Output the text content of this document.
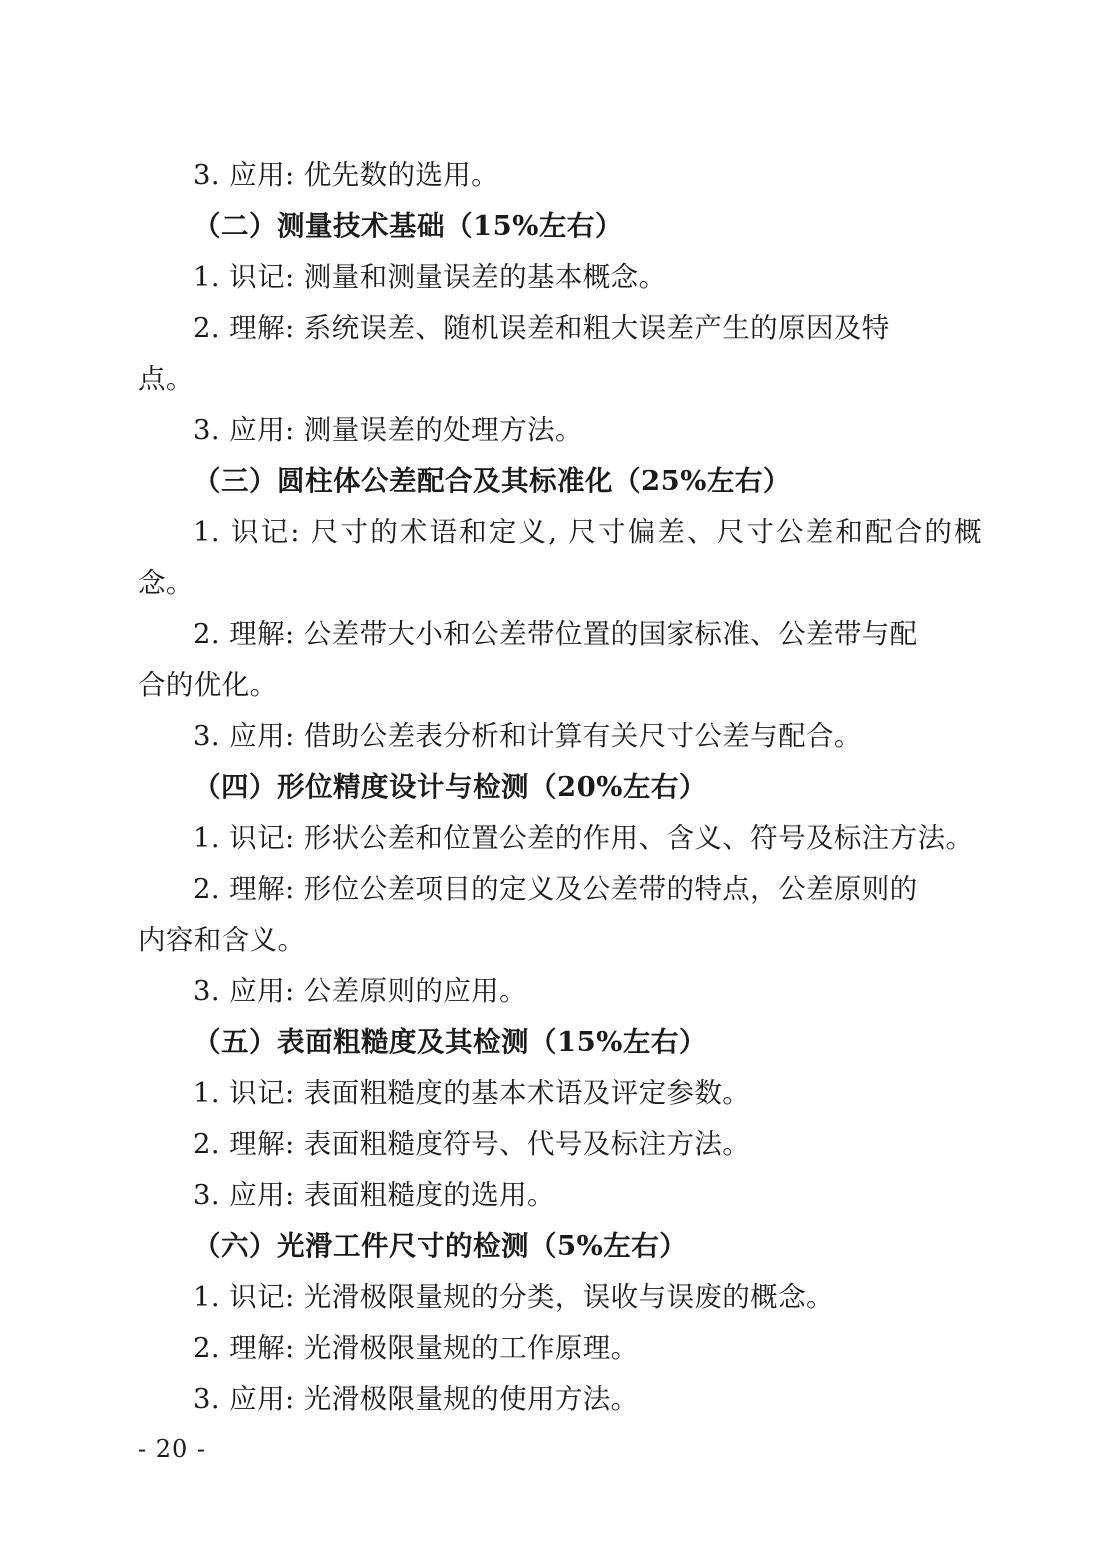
3. 应用: 优先数的选用。

（二）测量技术基础（15%左右）

1. 识记: 测量和测量误差的基本概念。

2. 理解: 系统误差、随机误差和粗大误差产生的原因及特

点。

3. 应用: 测量误差的处理方法。

（三）圆柱体公差配合及其标准化（25%左右）

1. 识记: 尺寸的术语和定义, 尺寸偏差、尺寸公差和配合的概念。

2. 理解: 公差带大小和公差带位置的国家标准、公差带与配

合的优化。

3. 应用: 借助公差表分析和计算有关尺寸公差与配合。

（四）形位精度设计与检测（20%左右）

1. 识记: 形状公差和位置公差的作用、含义、符号及标注方法。

2. 理解: 形位公差项目的定义及公差带的特点，公差原则的

内容和含义。

3. 应用: 公差原则的应用。

（五）表面粗糙度及其检测（15%左右）

1. 识记: 表面粗糙度的基本术语及评定参数。

2. 理解: 表面粗糙度符号、代号及标注方法。

3. 应用: 表面粗糙度的选用。

（六）光滑工件尺寸的检测（5%左右）

1. 识记: 光滑极限量规的分类，误收与误废的概念。

2. 理解: 光滑极限量规的工作原理。

3. 应用: 光滑极限量规的使用方法。

- 20 -
